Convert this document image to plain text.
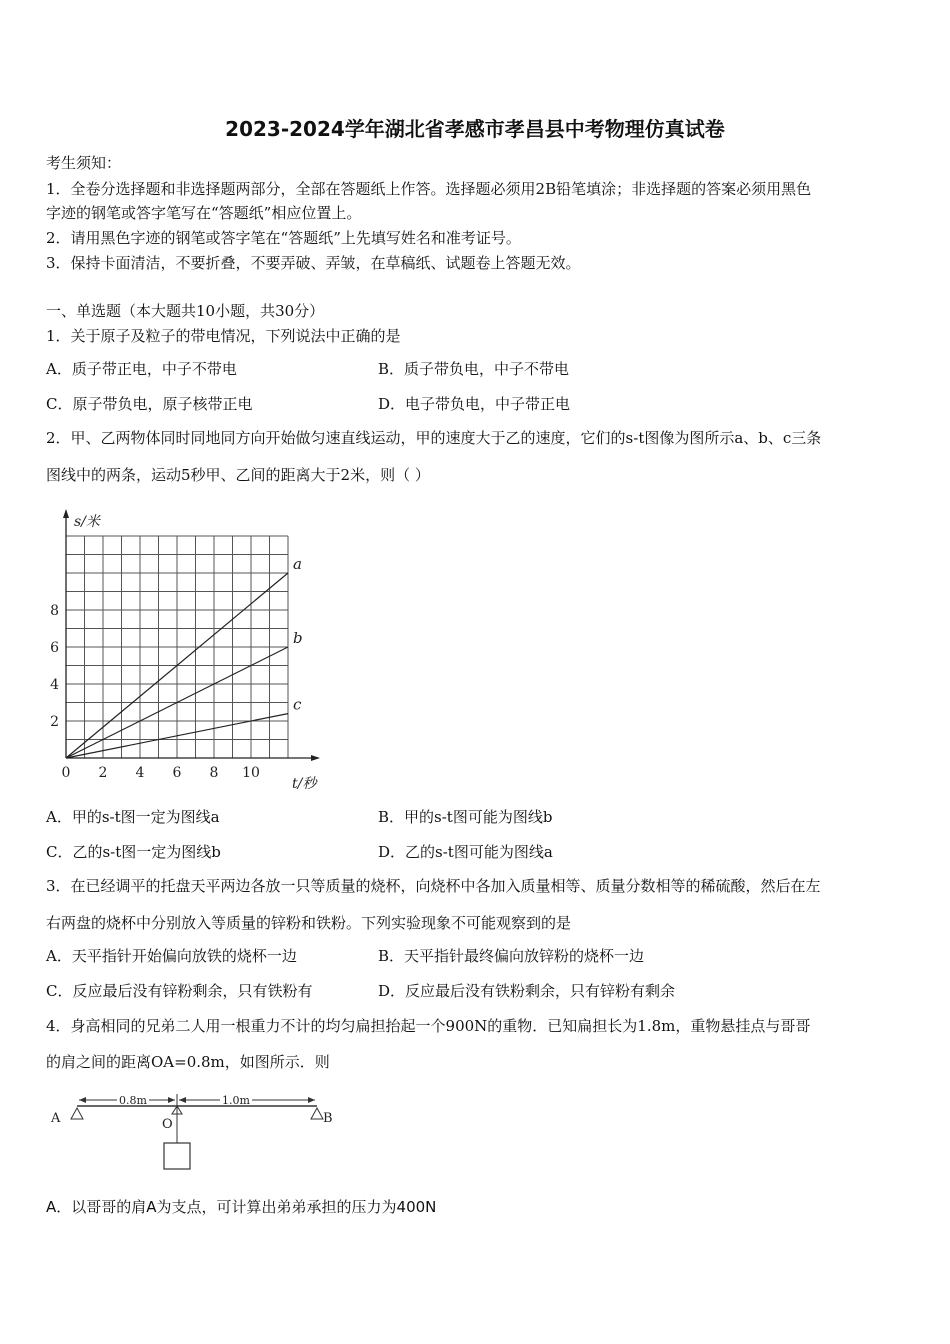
2023-2024学年湖北省孝感市孝昌县中考物理仿真试卷
考生须知：
1．全卷分选择题和非选择题两部分，全部在答题纸上作答。选择题必须用2B铅笔填涂；非选择题的答案必须用黑色
字迹的钢笔或答字笔写在“答题纸”相应位置上。
2．请用黑色字迹的钢笔或答字笔在“答题纸”上先填写姓名和准考证号。
3．保持卡面清洁，不要折叠，不要弄破、弄皱，在草稿纸、试题卷上答题无效。
一、单选题（本大题共10小题，共30分）
1．关于原子及粒子的带电情况，下列说法中正确的是
A．质子带正电，中子不带电	B．质子带负电，中子不带电
C．原子带负电，原子核带正电	D．电子带负电，中子带正电
2．甲、乙两物体同时同地同方向开始做匀速直线运动，甲的速度大于乙的速度，它们的s-t图像为图所示a、b、c三条
图线中的两条，运动5秒甲、乙间的距离大于2米，则（ ）
s/米
t/秒
0 2 4 6 8 10
2
4
6
8
a
b
c
A．甲的s-t图一定为图线a	B．甲的s-t图可能为图线b
C．乙的s-t图一定为图线b	D．乙的s-t图可能为图线a
3．在已经调平的托盘天平两边各放一只等质量的烧杯，向烧杯中各加入质量相等、质量分数相等的稀硫酸，然后在左
右两盘的烧杯中分别放入等质量的锌粉和铁粉。下列实验现象不可能观察到的是
A．天平指针开始偏向放铁的烧杯一边	B．天平指针最终偏向放锌粉的烧杯一边
C．反应最后没有锌粉剩余，只有铁粉有	D．反应最后没有铁粉剩余，只有锌粉有剩余
4．身高相同的兄弟二人用一根重力不计的均匀扁担抬起一个900N的重物．已知扁担长为1.8m，重物悬挂点与哥哥
的肩之间的距离OA=0.8m，如图所示．则
0.8m	1.0m
A	O	B
A．以哥哥的肩A为支点，可计算出弟弟承担的压力为400N
